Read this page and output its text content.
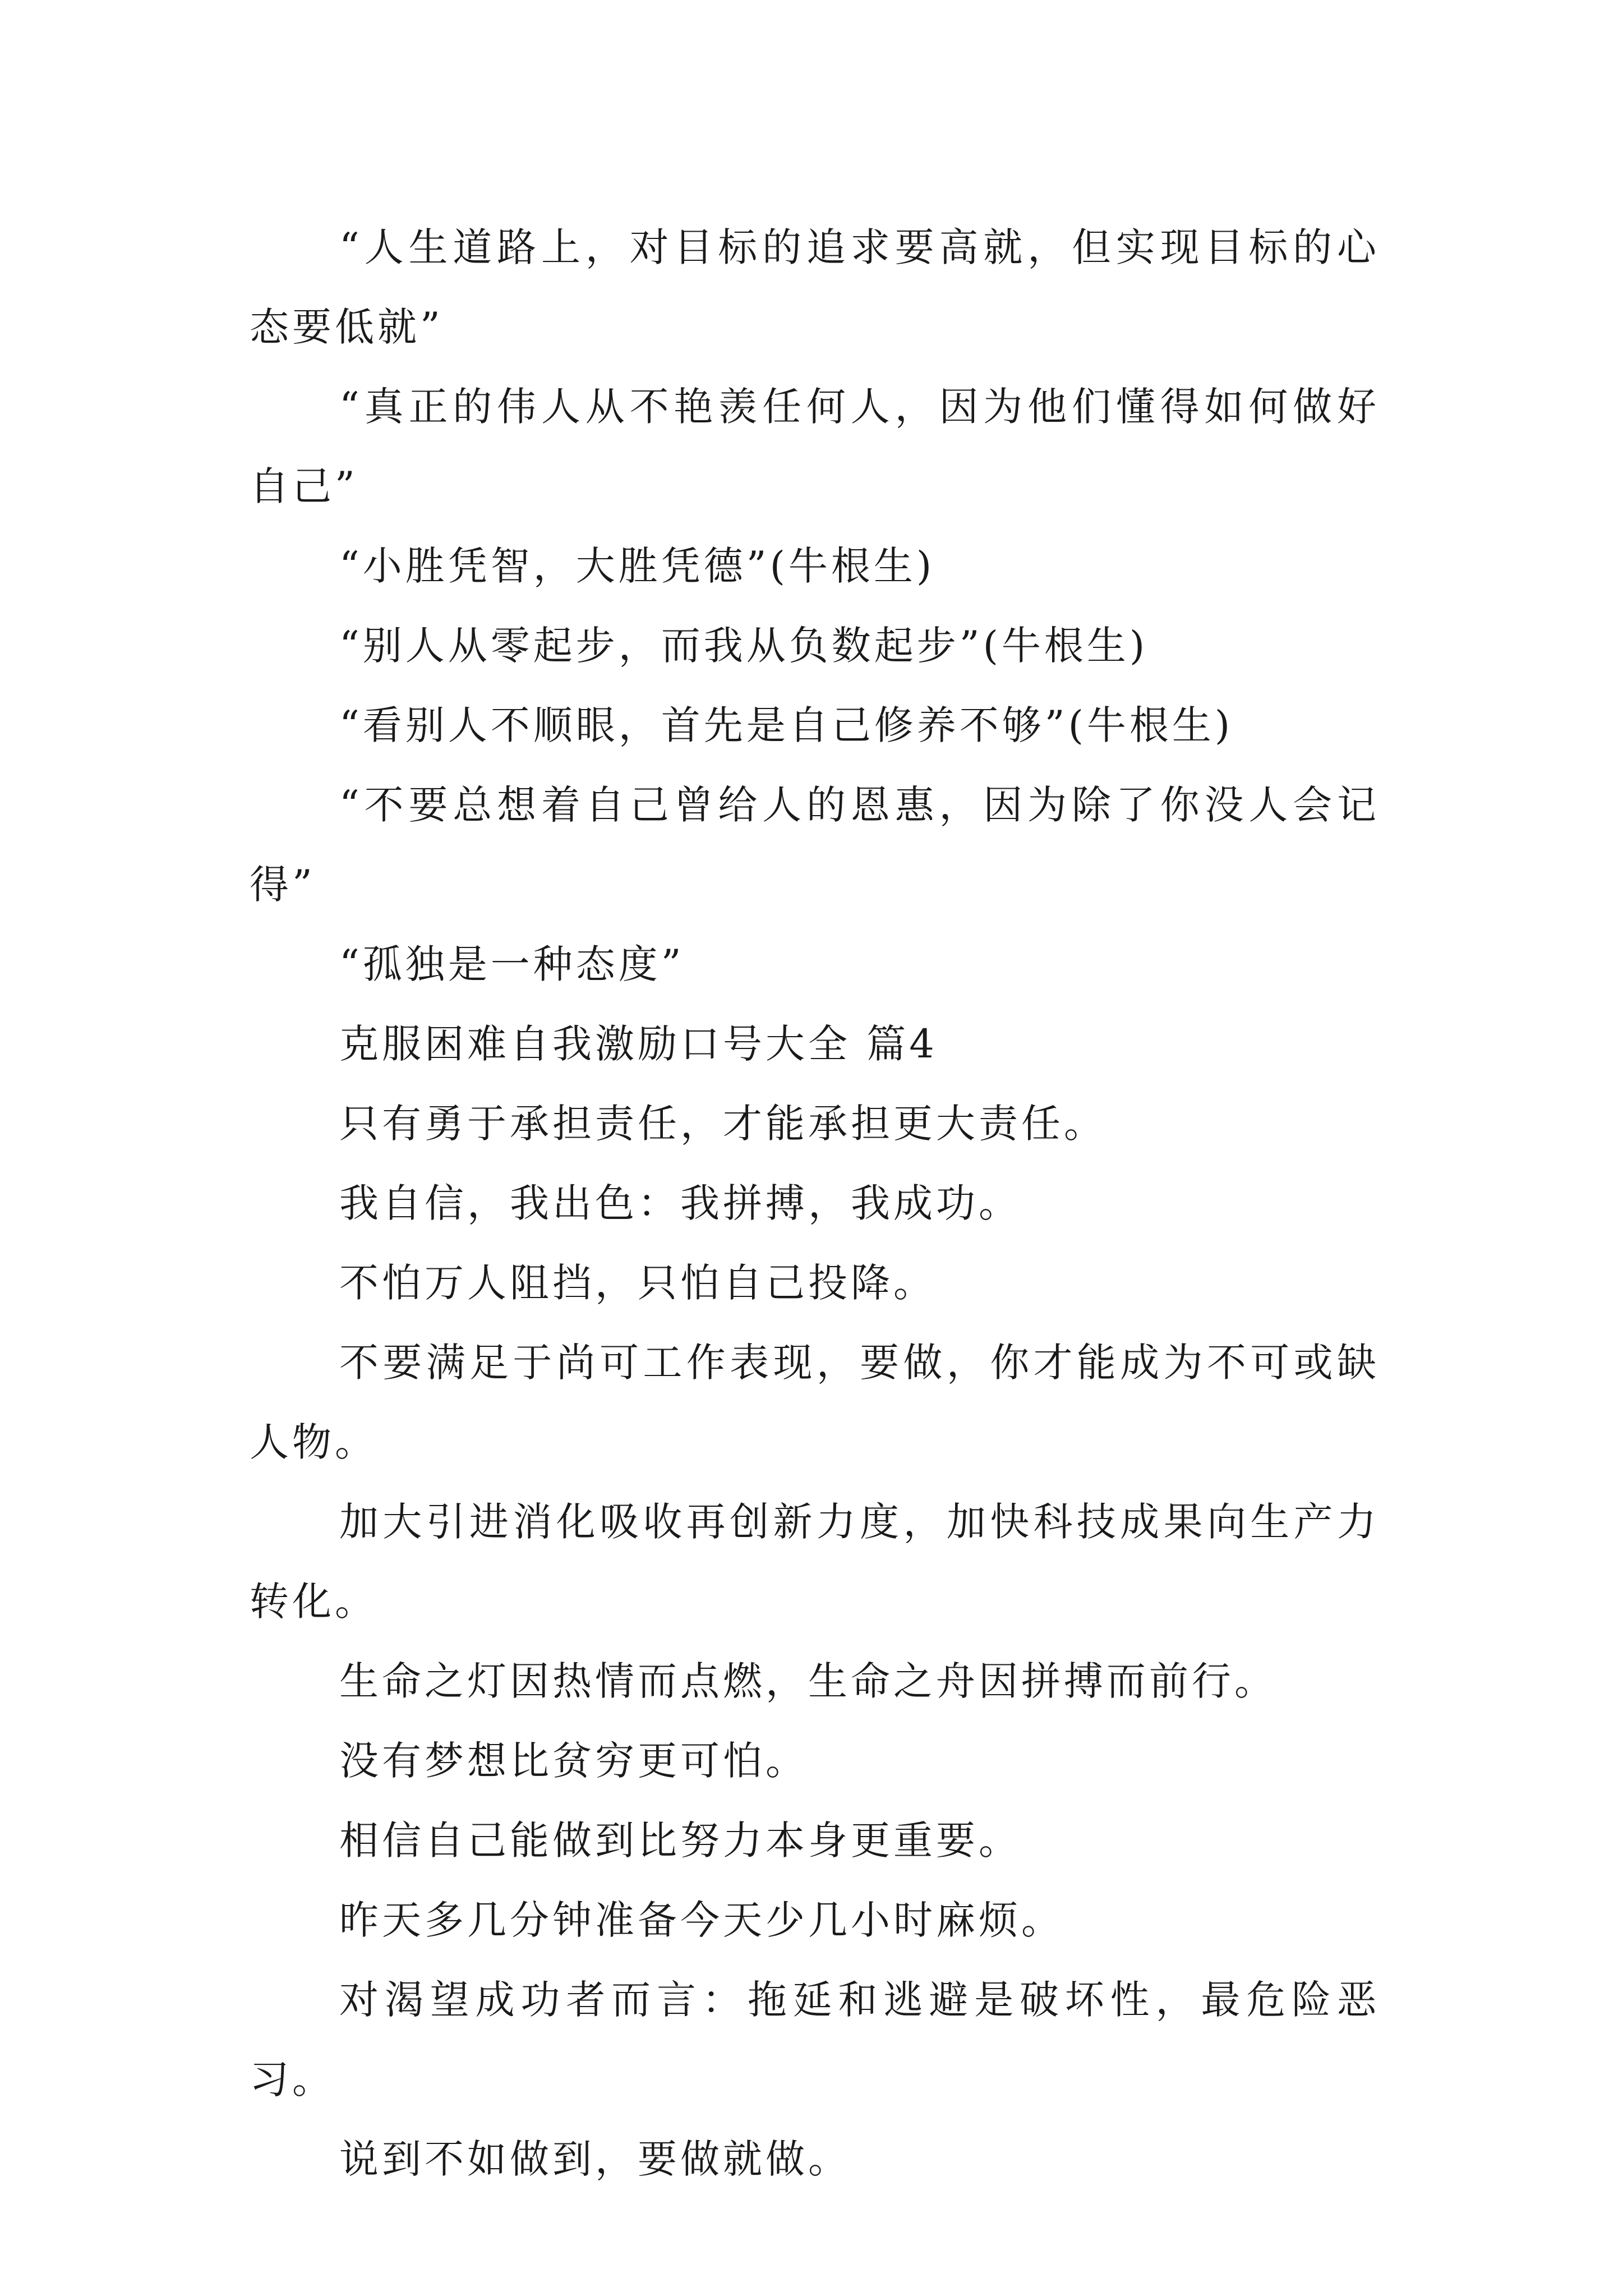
“人生道路上，对目标的追求要高就，但实现目标的心态要低就”

“真正的伟人从不艳羡任何人，因为他们懂得如何做好自己”

“小胜凭智，大胜凭德”(牛根生)

“别人从零起步，而我从负数起步”(牛根生)

“看别人不顺眼，首先是自己修养不够”(牛根生)

“不要总想着自己曾给人的恩惠，因为除了你没人会记得”

“孤独是一种态度”

克服困难自我激励口号大全 篇4

只有勇于承担责任，才能承担更大责任。

我自信，我出色：我拼搏，我成功。

不怕万人阻挡，只怕自己投降。

不要满足于尚可工作表现，要做，你才能成为不可或缺人物。

加大引进消化吸收再创新力度，加快科技成果向生产力转化。

生命之灯因热情而点燃，生命之舟因拼搏而前行。

没有梦想比贫穷更可怕。

相信自己能做到比努力本身更重要。

昨天多几分钟准备今天少几小时麻烦。

对渴望成功者而言：拖延和逃避是破坏性，最危险恶习。

说到不如做到，要做就做。
